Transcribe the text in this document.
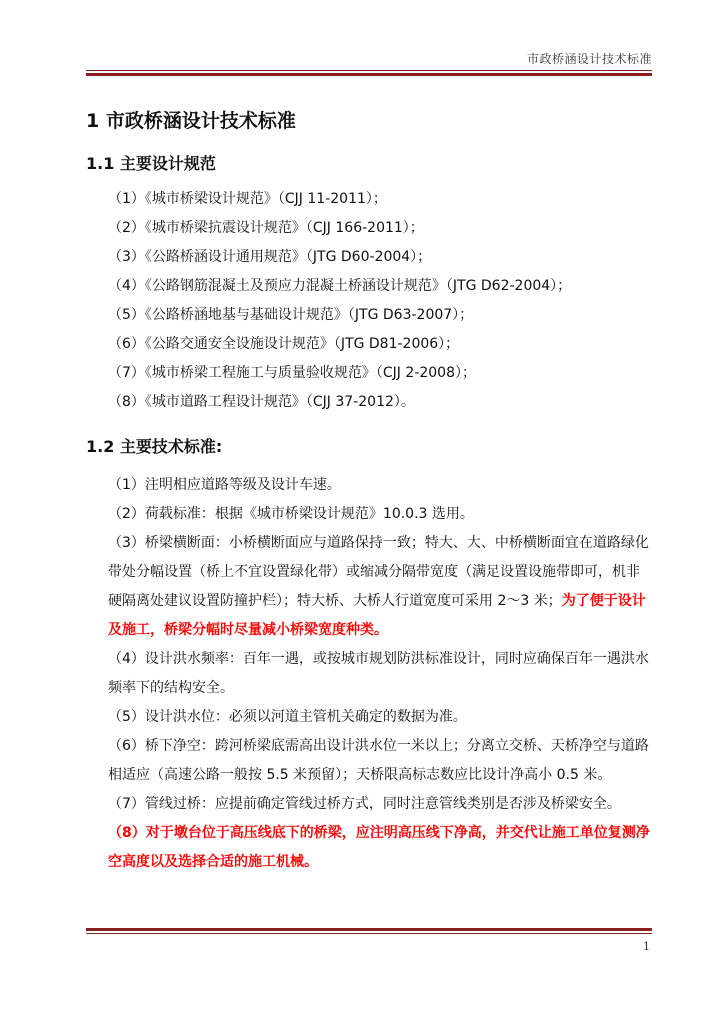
市政桥涵设计技术标准
1 市政桥涵设计技术标准
1.1 主要设计规范
（1）《城市桥梁设计规范》（CJJ 11-2011）；
（2）《城市桥梁抗震设计规范》（CJJ 166-2011）；
（3）《公路桥涵设计通用规范》（JTG D60-2004）；
（4）《公路钢筋混凝土及预应力混凝土桥涵设计规范》（JTG D62-2004）；
（5）《公路桥涵地基与基础设计规范》（JTG D63-2007）；
（6）《公路交通安全设施设计规范》（JTG D81-2006）；
（7）《城市桥梁工程施工与质量验收规范》（CJJ 2-2008）；
（8）《城市道路工程设计规范》（CJJ 37-2012）。
1.2 主要技术标准:
（1）注明相应道路等级及设计车速。
（2）荷载标准：根据《城市桥梁设计规范》10.0.3 选用。
（3）桥梁横断面：小桥横断面应与道路保持一致；特大、大、中桥横断面宜在道路绿化带处分幅设置（桥上不宜设置绿化带）或缩减分隔带宽度（满足设置设施带即可，机非硬隔离处建议设置防撞护栏）；特大桥、大桥人行道宽度可采用 2～3 米；为了便于设计及施工，桥梁分幅时尽量减小桥梁宽度种类。
（4）设计洪水频率：百年一遇，或按城市规划防洪标准设计，同时应确保百年一遇洪水频率下的结构安全。
（5）设计洪水位：必须以河道主管机关确定的数据为准。
（6）桥下净空：跨河桥梁底需高出设计洪水位一米以上；分离立交桥、天桥净空与道路相适应（高速公路一般按 5.5 米预留）；天桥限高标志数应比设计净高小 0.5 米。
（7）管线过桥：应提前确定管线过桥方式，同时注意管线类别是否涉及桥梁安全。
（8）对于墩台位于高压线底下的桥梁，应注明高压线下净高，并交代让施工单位复测净空高度以及选择合适的施工机械。
1
